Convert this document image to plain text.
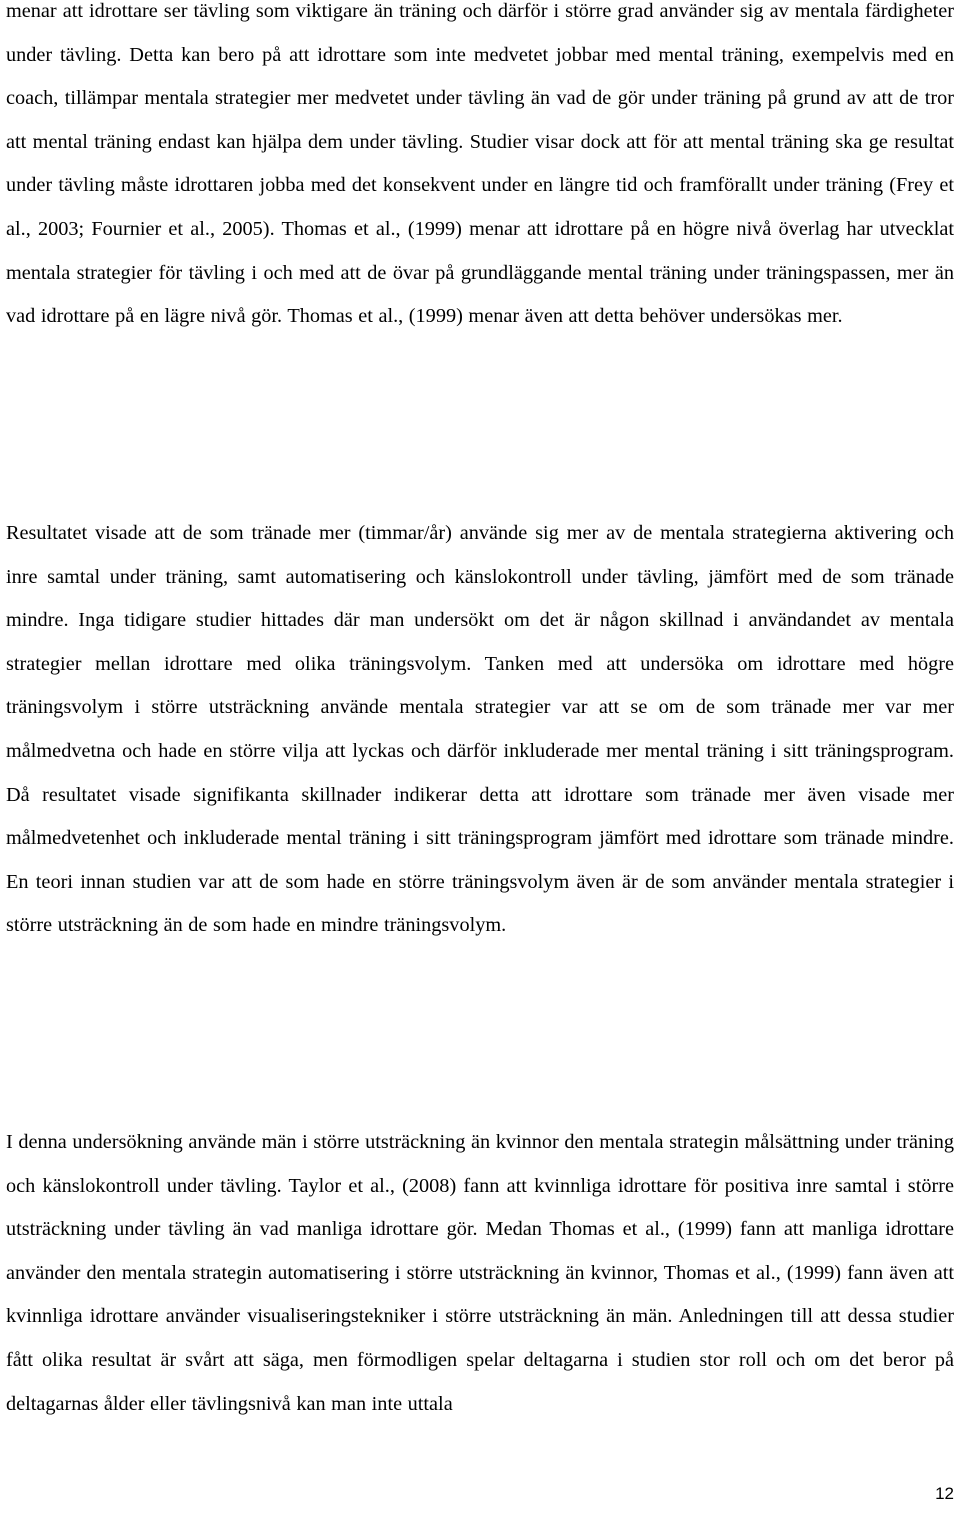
menar att idrottare ser tävling som viktigare än träning och därför i större grad använder sig av mentala färdigheter under tävling. Detta kan bero på att idrottare som inte medvetet jobbar med mental träning, exempelvis med en coach, tillämpar mentala strategier mer medvetet under tävling än vad de gör under träning på grund av att de tror att mental träning endast kan hjälpa dem under tävling. Studier visar dock att för att mental träning ska ge resultat under tävling måste idrottaren jobba med det konsekvent under en längre tid och framförallt under träning (Frey et al., 2003; Fournier et al., 2005). Thomas et al., (1999) menar att idrottare på en högre nivå överlag har utvecklat mentala strategier för tävling i och med att de övar på grundläggande mental träning under träningspassen, mer än vad idrottare på en lägre nivå gör. Thomas et al., (1999) menar även att detta behöver undersökas mer.

Resultatet visade att de som tränade mer (timmar/år) använde sig mer av de mentala strategierna aktivering och inre samtal under träning, samt automatisering och känslokontroll under tävling, jämfört med de som tränade mindre. Inga tidigare studier hittades där man undersökt om det är någon skillnad i användandet av mentala strategier mellan idrottare med olika träningsvolym. Tanken med att undersöka om idrottare med högre träningsvolym i större utsträckning använde mentala strategier var att se om de som tränade mer var mer målmedvetna och hade en större vilja att lyckas och därför inkluderade mer mental träning i sitt träningsprogram. Då resultatet visade signifikanta skillnader indikerar detta att idrottare som tränade mer även visade mer målmedvetenhet och inkluderade mental träning i sitt träningsprogram jämfört med idrottare som tränade mindre. En teori innan studien var att de som hade en större träningsvolym även är de som använder mentala strategier i större utsträckning än de som hade en mindre träningsvolym.

I denna undersökning använde män i större utsträckning än kvinnor den mentala strategin målsättning under träning och känslokontroll under tävling. Taylor et al., (2008) fann att kvinnliga idrottare för positiva inre samtal i större utsträckning under tävling än vad manliga idrottare gör. Medan Thomas et al., (1999) fann att manliga idrottare använder den mentala strategin automatisering i större utsträckning än kvinnor, Thomas et al., (1999) fann även att kvinnliga idrottare använder visualiseringstekniker i större utsträckning än män. Anledningen till att dessa studier fått olika resultat är svårt att säga, men förmodligen spelar deltagarna i studien stor roll och om det beror på deltagarnas ålder eller tävlingsnivå kan man inte uttala

12
